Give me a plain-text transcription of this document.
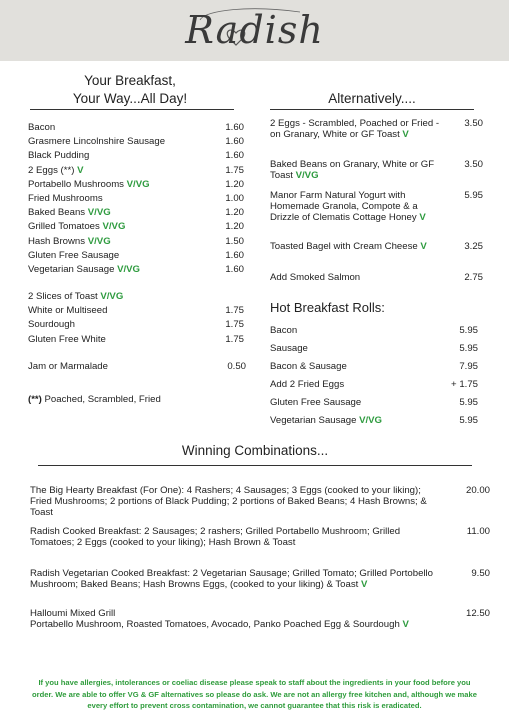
Radish
Your Breakfast,
Your Way...All Day!
Bacon	1.60
Grasmere Lincolnshire Sausage	1.60
Black Pudding	1.60
2 Eggs (**) V	1.75
Portabello Mushrooms V/VG	1.20
Fried Mushrooms	1.00
Baked Beans V/VG	1.20
Grilled Tomatoes V/VG	1.20
Hash Browns V/VG	1.50
Gluten Free Sausage	1.60
Vegetarian Sausage V/VG	1.60
2 Slices of Toast V/VG
White or Multiseed	1.75
Sourdough	1.75
Gluten Free White	1.75
Jam or Marmalade	0.50
(**) Poached, Scrambled, Fried
Alternatively....
2 Eggs - Scrambled, Poached or Fried - on Granary, White or GF Toast V
3.50
Baked Beans on Granary, White or GF Toast V/VG
3.50
Manor Farm Natural Yogurt with Homemade Granola, Compote & a Drizzle of Clematis Cottage Honey V
5.95
Toasted Bagel with Cream Cheese V	3.25
Add Smoked Salmon	2.75
Hot Breakfast Rolls:
Bacon	5.95
Sausage	5.95
Bacon & Sausage	7.95
Add 2 Fried Eggs	+ 1.75
Gluten Free Sausage	5.95
Vegetarian Sausage V/VG	5.95
Winning Combinations...
The Big Hearty Breakfast (For One): 4 Rashers; 4 Sausages; 3 Eggs (cooked to your liking); Fried Mushrooms; 2 portions of Black Pudding; 2 portions of Baked Beans; 4 Hash Browns; & Toast
20.00
Radish Cooked Breakfast: 2 Sausages; 2 rashers; Grilled Portabello Mushroom; Grilled Tomatoes; 2 Eggs (cooked to your liking); Hash Brown & Toast
11.00
Radish Vegetarian Cooked Breakfast: 2 Vegetarian Sausage; Grilled Tomato; Grilled Portobello Mushroom; Baked Beans; Hash Browns Eggs, (cooked to your liking) & Toast V
9.50
Halloumi Mixed Grill
Portabello Mushroom, Roasted Tomatoes, Avocado, Panko Poached Egg & Sourdough V
12.50
If you have allergies, intolerances or coeliac disease please speak to staff about the ingredients in your food before you
order. We are able to offer VG & GF alternatives so please do ask. We are not an allergy free kitchen and, although we make
every effort to prevent cross contamination, we cannot guarantee that this risk is eradicated.
